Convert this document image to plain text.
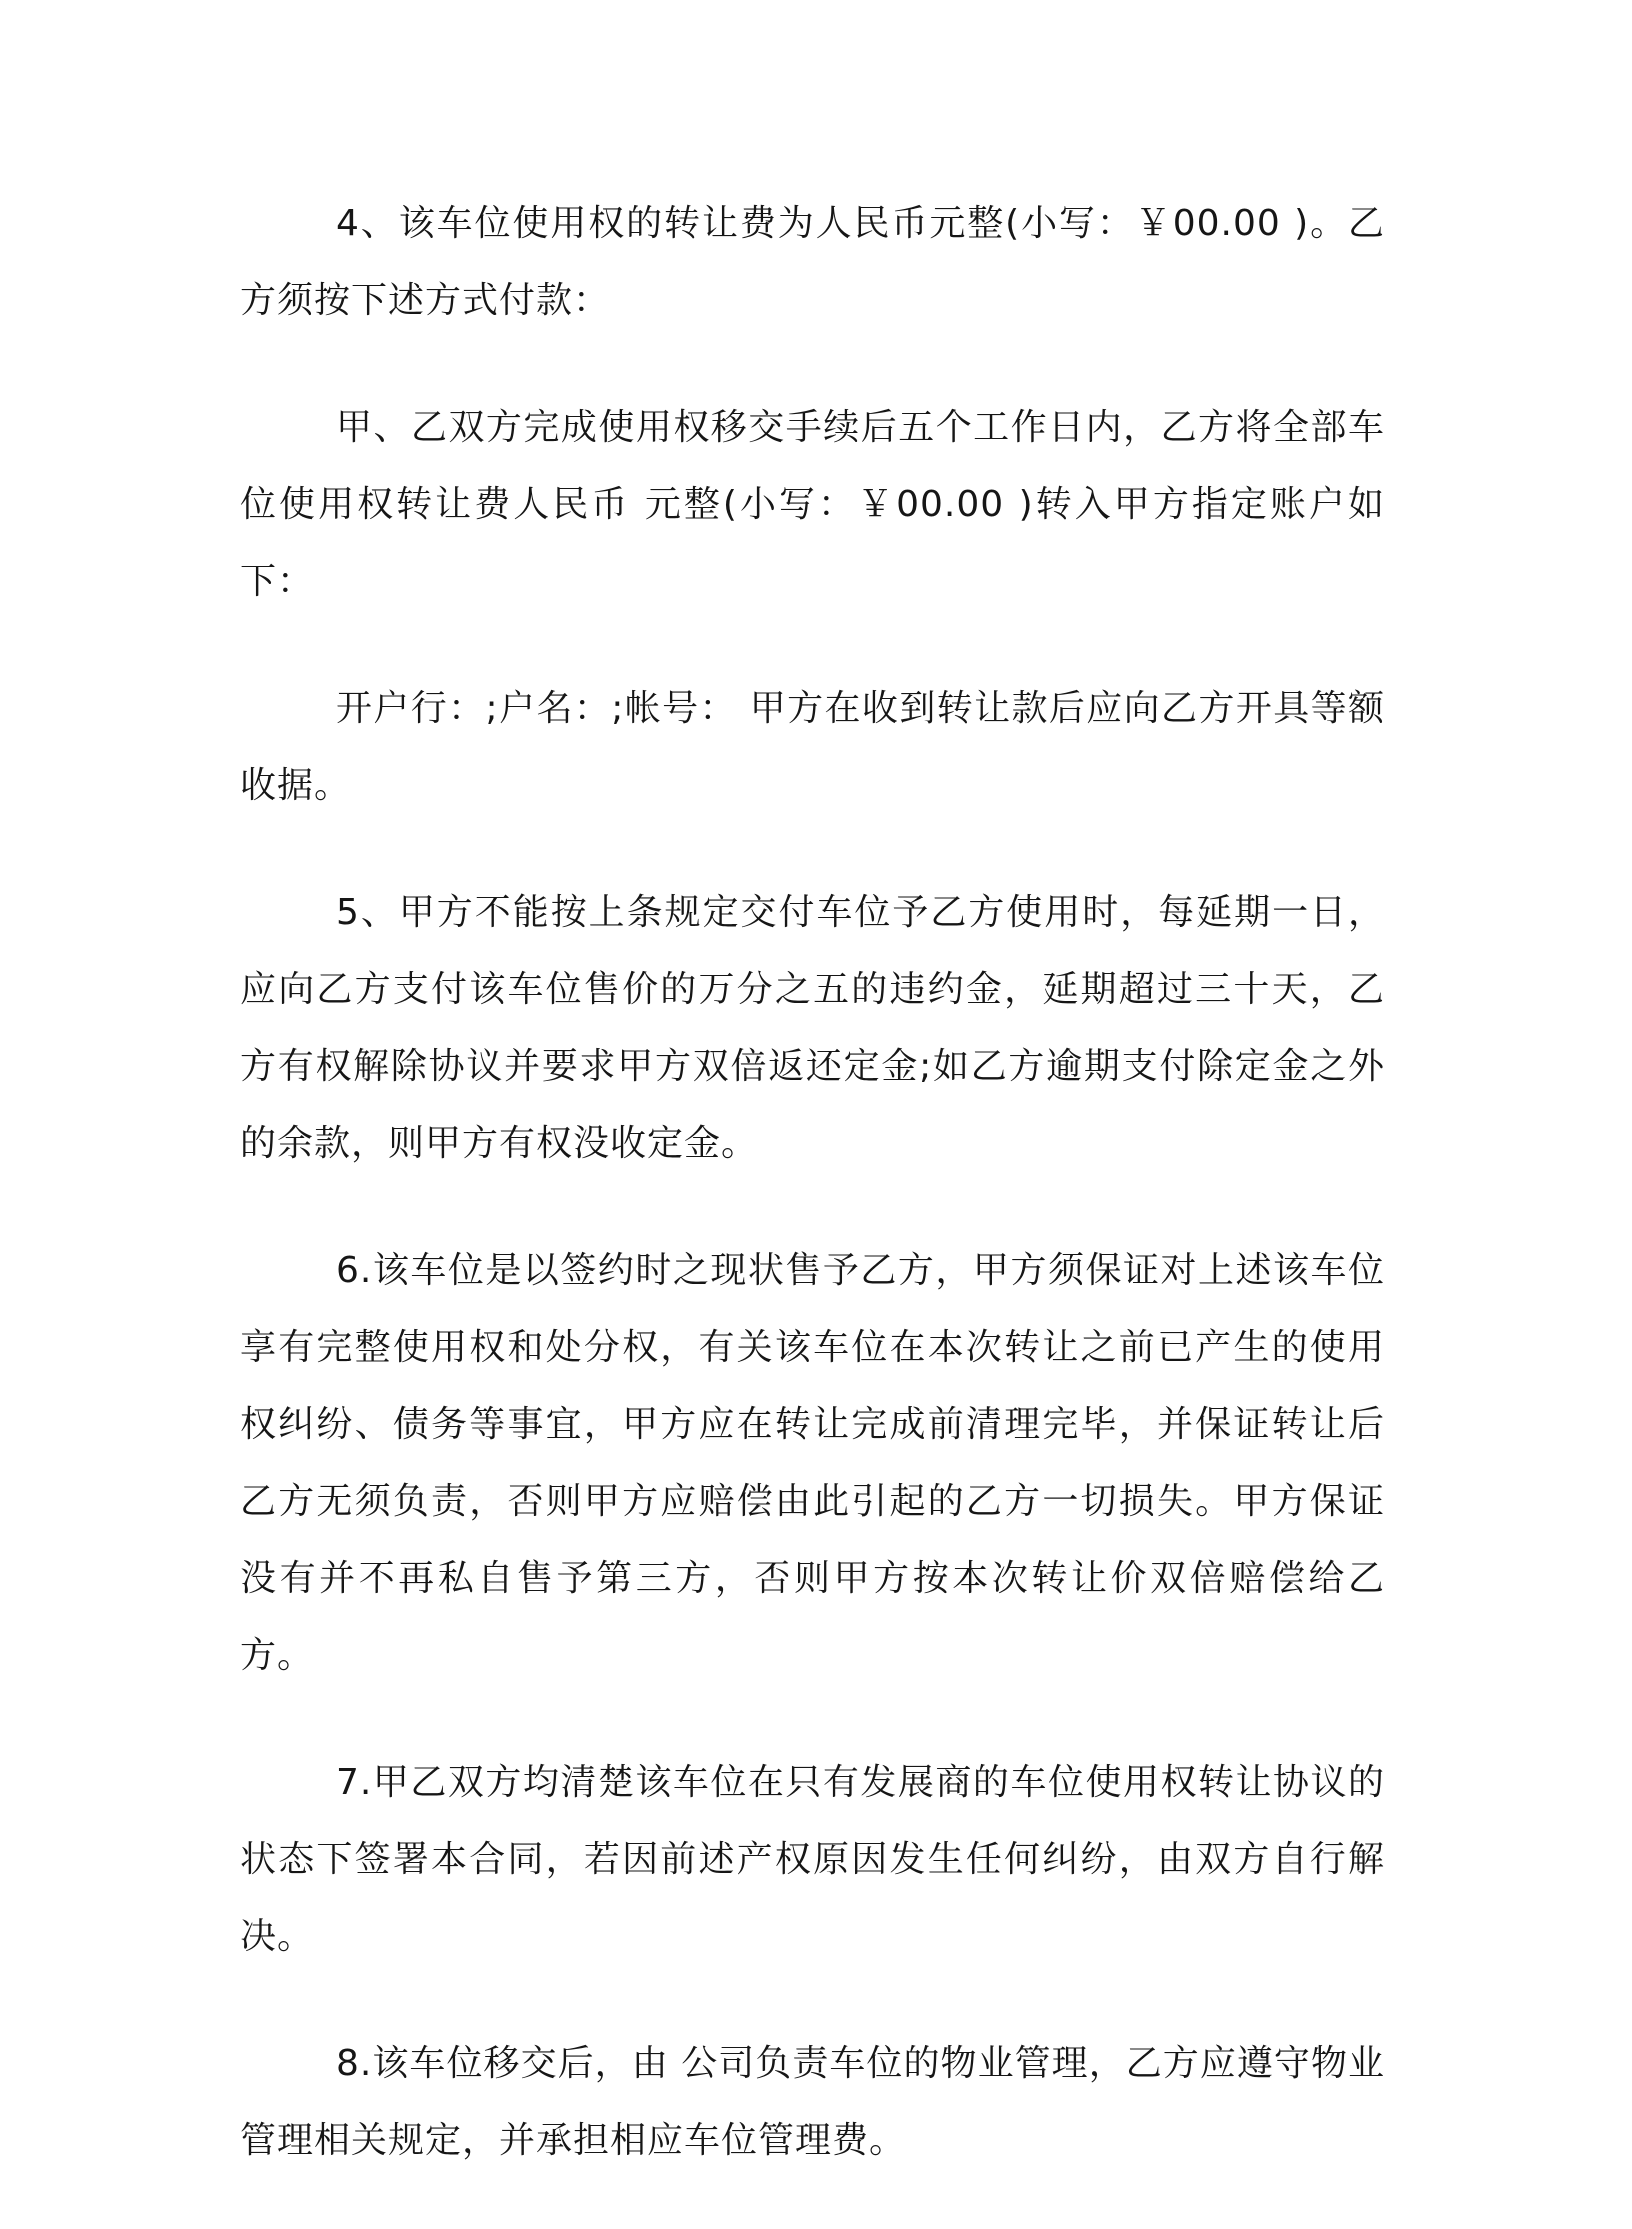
4、该车位使用权的转让费为人民币元整(小写：￥00.00 )。乙方须按下述方式付款：

甲、乙双方完成使用权移交手续后五个工作日内，乙方将全部车位使用权转让费人民币 元整(小写：￥00.00 )转入甲方指定账户如下：

开户行：;户名：;帐号： 甲方在收到转让款后应向乙方开具等额收据。

5、甲方不能按上条规定交付车位予乙方使用时，每延期一日，应向乙方支付该车位售价的万分之五的违约金，延期超过三十天，乙方有权解除协议并要求甲方双倍返还定金;如乙方逾期支付除定金之外的余款，则甲方有权没收定金。

6.该车位是以签约时之现状售予乙方，甲方须保证对上述该车位享有完整使用权和处分权，有关该车位在本次转让之前已产生的使用权纠纷、债务等事宜，甲方应在转让完成前清理完毕，并保证转让后乙方无须负责，否则甲方应赔偿由此引起的乙方一切损失。甲方保证没有并不再私自售予第三方，否则甲方按本次转让价双倍赔偿给乙方。

7.甲乙双方均清楚该车位在只有发展商的车位使用权转让协议的状态下签署本合同，若因前述产权原因发生任何纠纷，由双方自行解决。

8.该车位移交后，由 公司负责车位的物业管理，乙方应遵守物业管理相关规定，并承担相应车位管理费。
